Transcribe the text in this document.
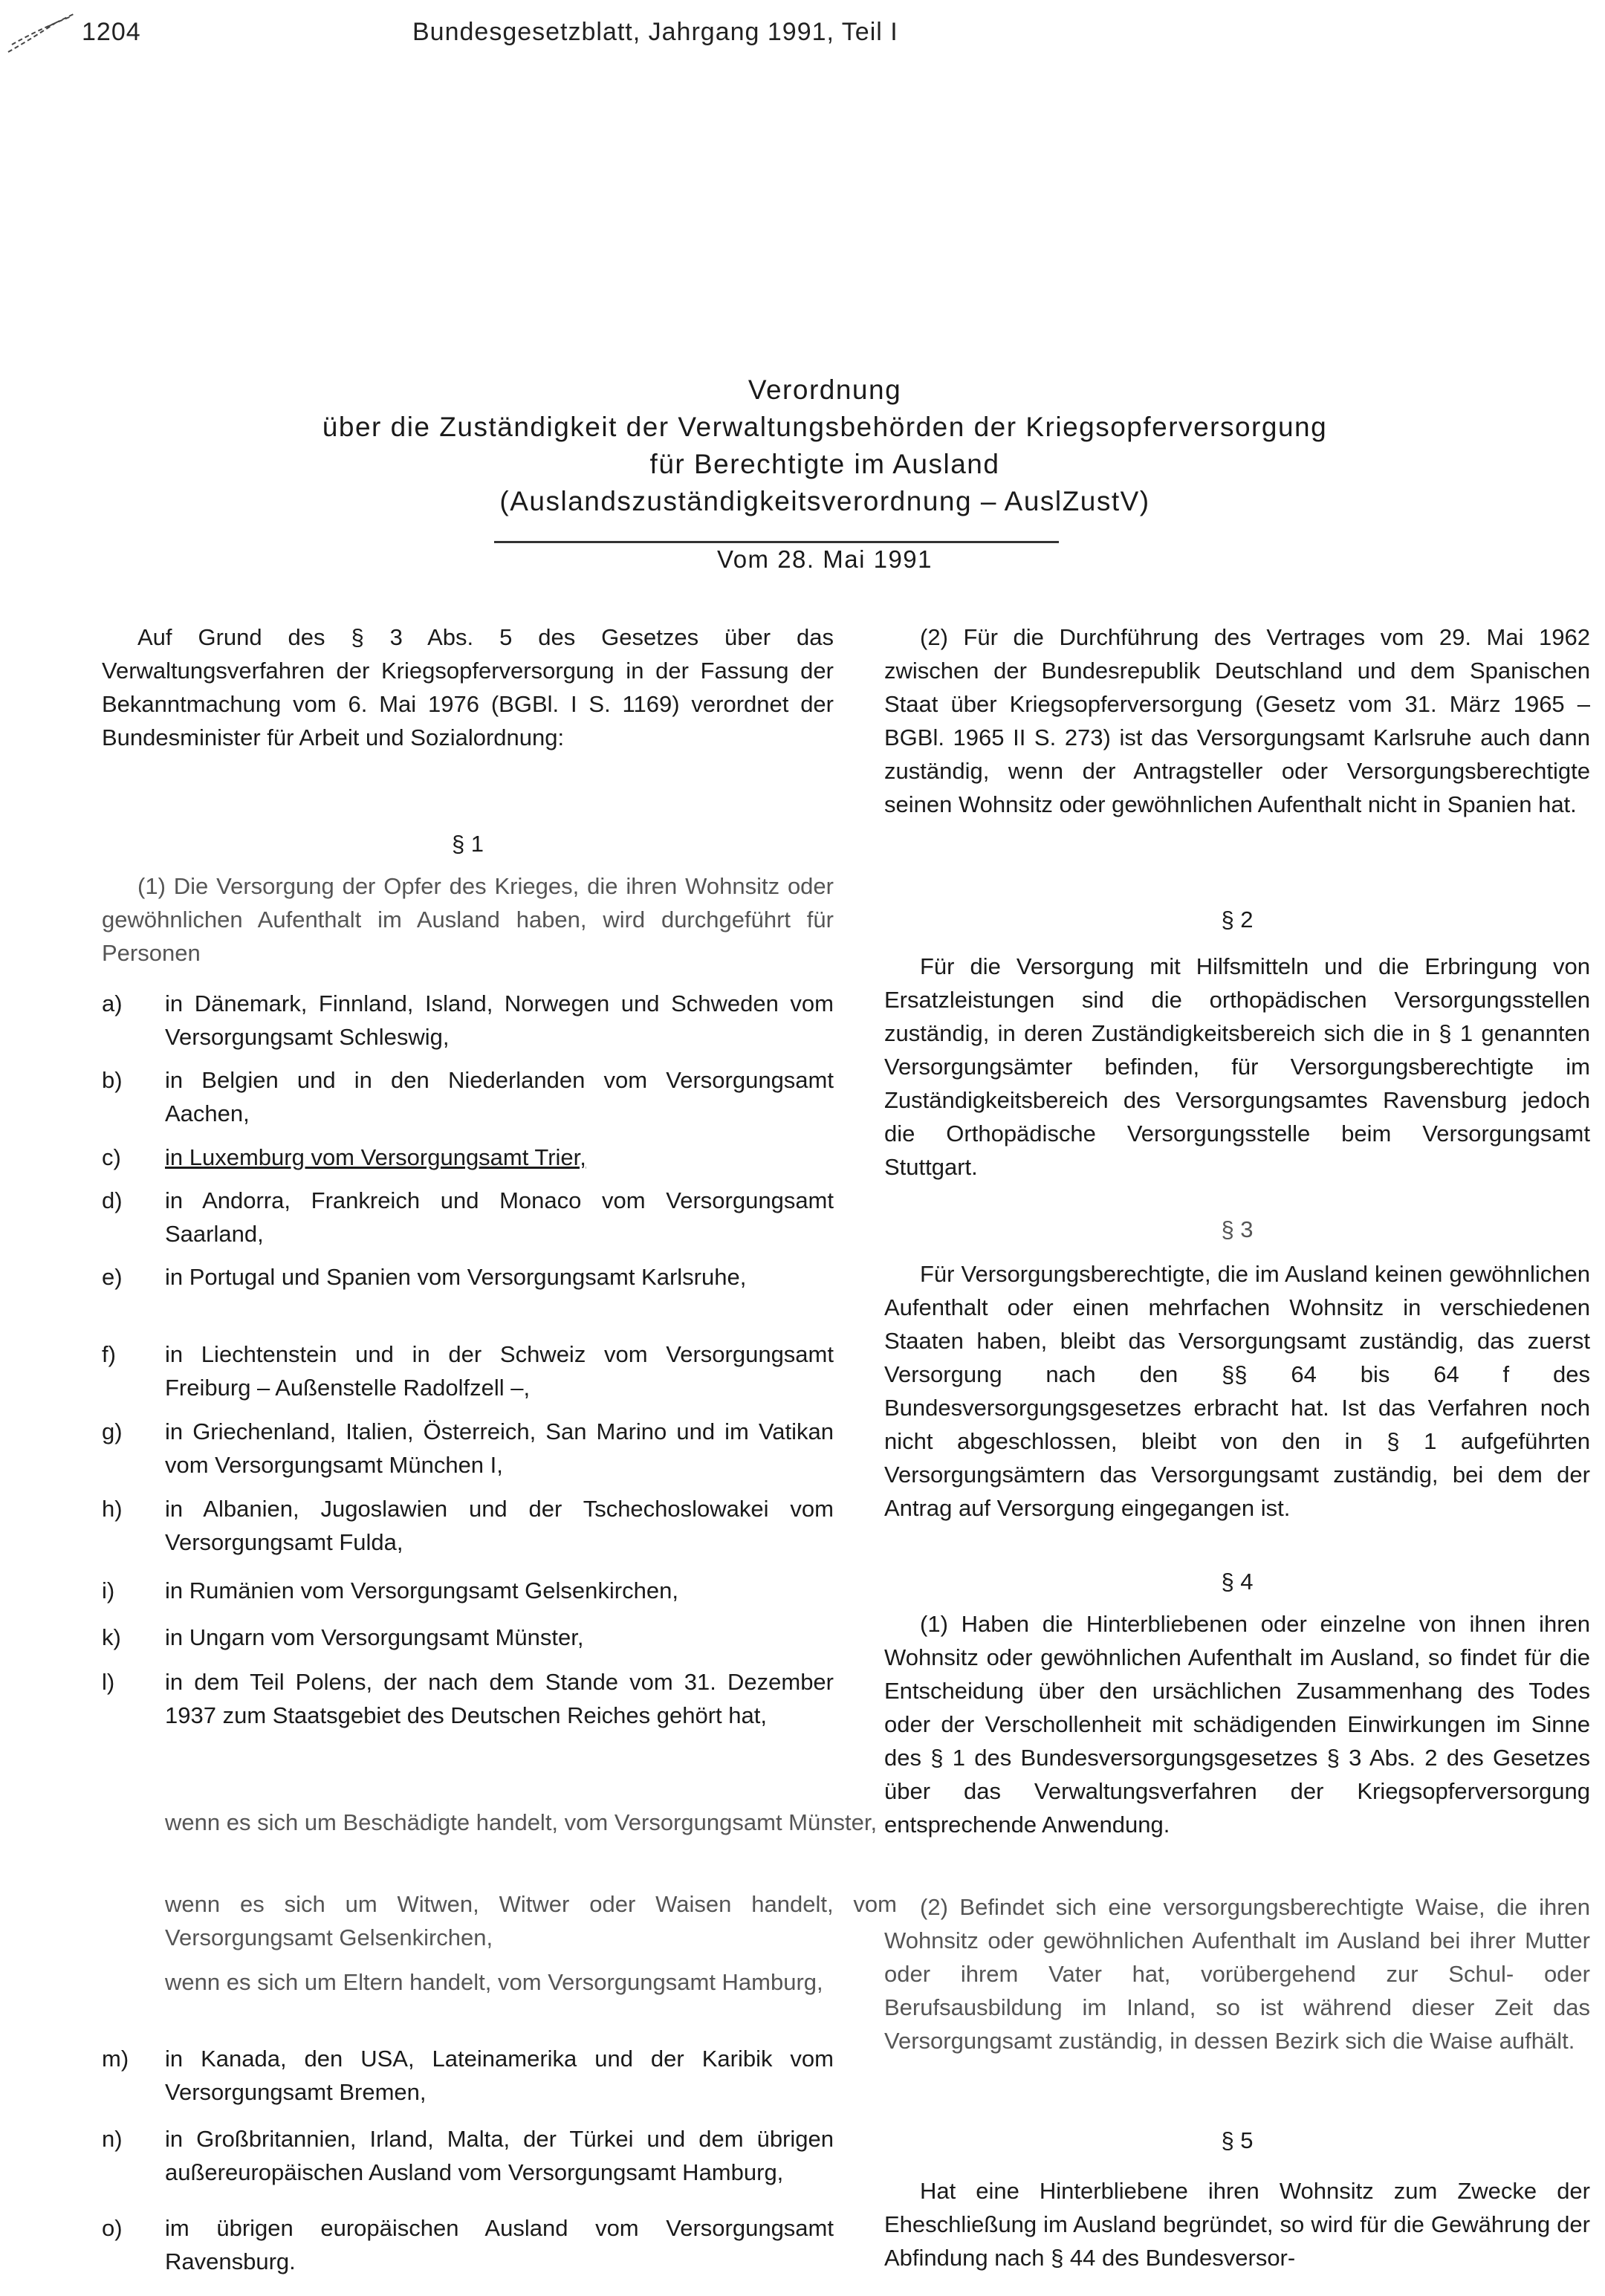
1204	Bundesgesetzblatt, Jahrgang 1991, Teil I
Verordnung
über die Zuständigkeit der Verwaltungsbehörden der Kriegsopferversorgung
für Berechtigte im Ausland
(Auslandszuständigkeitsverordnung – AuslZustV)
Vom 28. Mai 1991
Auf Grund des § 3 Abs. 5 des Gesetzes über das Verwaltungsverfahren der Kriegsopferversorgung in der Fassung der Bekanntmachung vom 6. Mai 1976 (BGBl. I S. 1169) verordnet der Bundesminister für Arbeit und Sozialordnung:
§ 1
(1) Die Versorgung der Opfer des Krieges, die ihren Wohnsitz oder gewöhnlichen Aufenthalt im Ausland haben, wird durchgeführt für Personen
a)	in Dänemark, Finnland, Island, Norwegen und Schweden vom Versorgungsamt Schleswig,
b)	in Belgien und in den Niederlanden vom Versorgungsamt Aachen,
c)	in Luxemburg vom Versorgungsamt Trier,
d)	in Andorra, Frankreich und Monaco vom Versorgungsamt Saarland,
e)	in Portugal und Spanien vom Versorgungsamt Karlsruhe,
f)	in Liechtenstein und in der Schweiz vom Versorgungsamt Freiburg – Außenstelle Radolfzell –,
g)	in Griechenland, Italien, Österreich, San Marino und im Vatikan vom Versorgungsamt München I,
h)	in Albanien, Jugoslawien und der Tschechoslowakei vom Versorgungsamt Fulda,
i)	in Rumänien vom Versorgungsamt Gelsenkirchen,
k)	in Ungarn vom Versorgungsamt Münster,
l)	in dem Teil Polens, der nach dem Stande vom 31. Dezember 1937 zum Staatsgebiet des Deutschen Reiches gehört hat,
m)	in Kanada, den USA, Lateinamerika und der Karibik vom Versorgungsamt Bremen,
n)	in Großbritannien, Irland, Malta, der Türkei und dem übrigen außereuropäischen Ausland vom Versorgungsamt Hamburg,
o)	im übrigen europäischen Ausland vom Versorgungsamt Ravensburg.
wenn es sich um Beschädigte handelt, vom Versorgungsamt Münster,
wenn es sich um Witwen, Witwer oder Waisen handelt, vom Versorgungsamt Gelsenkirchen,
wenn es sich um Eltern handelt, vom Versorgungsamt Hamburg,
(2) Für die Durchführung des Vertrages vom 29. Mai 1962 zwischen der Bundesrepublik Deutschland und dem Spanischen Staat über Kriegsopferversorgung (Gesetz vom 31. März 1965 – BGBl. 1965 II S. 273) ist das Versorgungsamt Karlsruhe auch dann zuständig, wenn der Antragsteller oder Versorgungsberechtigte seinen Wohnsitz oder gewöhnlichen Aufenthalt nicht in Spanien hat.
§ 2
Für die Versorgung mit Hilfsmitteln und die Erbringung von Ersatzleistungen sind die orthopädischen Versorgungsstellen zuständig, in deren Zuständigkeitsbereich sich die in § 1 genannten Versorgungsämter befinden, für Versorgungsberechtigte im Zuständigkeitsbereich des Versorgungsamtes Ravensburg jedoch die Orthopädische Versorgungsstelle beim Versorgungsamt Stuttgart.
§ 3
Für Versorgungsberechtigte, die im Ausland keinen gewöhnlichen Aufenthalt oder einen mehrfachen Wohnsitz in verschiedenen Staaten haben, bleibt das Versorgungsamt zuständig, das zuerst Versorgung nach den §§ 64 bis 64 f des Bundesversorgungsgesetzes erbracht hat. Ist das Verfahren noch nicht abgeschlossen, bleibt von den in § 1 aufgeführten Versorgungsämtern das Versorgungsamt zuständig, bei dem der Antrag auf Versorgung eingegangen ist.
§ 4
(1) Haben die Hinterbliebenen oder einzelne von ihnen ihren Wohnsitz oder gewöhnlichen Aufenthalt im Ausland, so findet für die Entscheidung über den ursächlichen Zusammenhang des Todes oder der Verschollenheit mit schädigenden Einwirkungen im Sinne des § 1 des Bundesversorgungsgesetzes § 3 Abs. 2 des Gesetzes über das Verwaltungsverfahren der Kriegsopferversorgung entsprechende Anwendung.
(2) Befindet sich eine versorgungsberechtigte Waise, die ihren Wohnsitz oder gewöhnlichen Aufenthalt im Ausland bei ihrer Mutter oder ihrem Vater hat, vorübergehend zur Schul- oder Berufsausbildung im Inland, so ist während dieser Zeit das Versorgungsamt zuständig, in dessen Bezirk sich die Waise aufhält.
§ 5
Hat eine Hinterbliebene ihren Wohnsitz zum Zwecke der Eheschließung im Ausland begründet, so wird für die Gewährung der Abfindung nach § 44 des Bundesversor-
